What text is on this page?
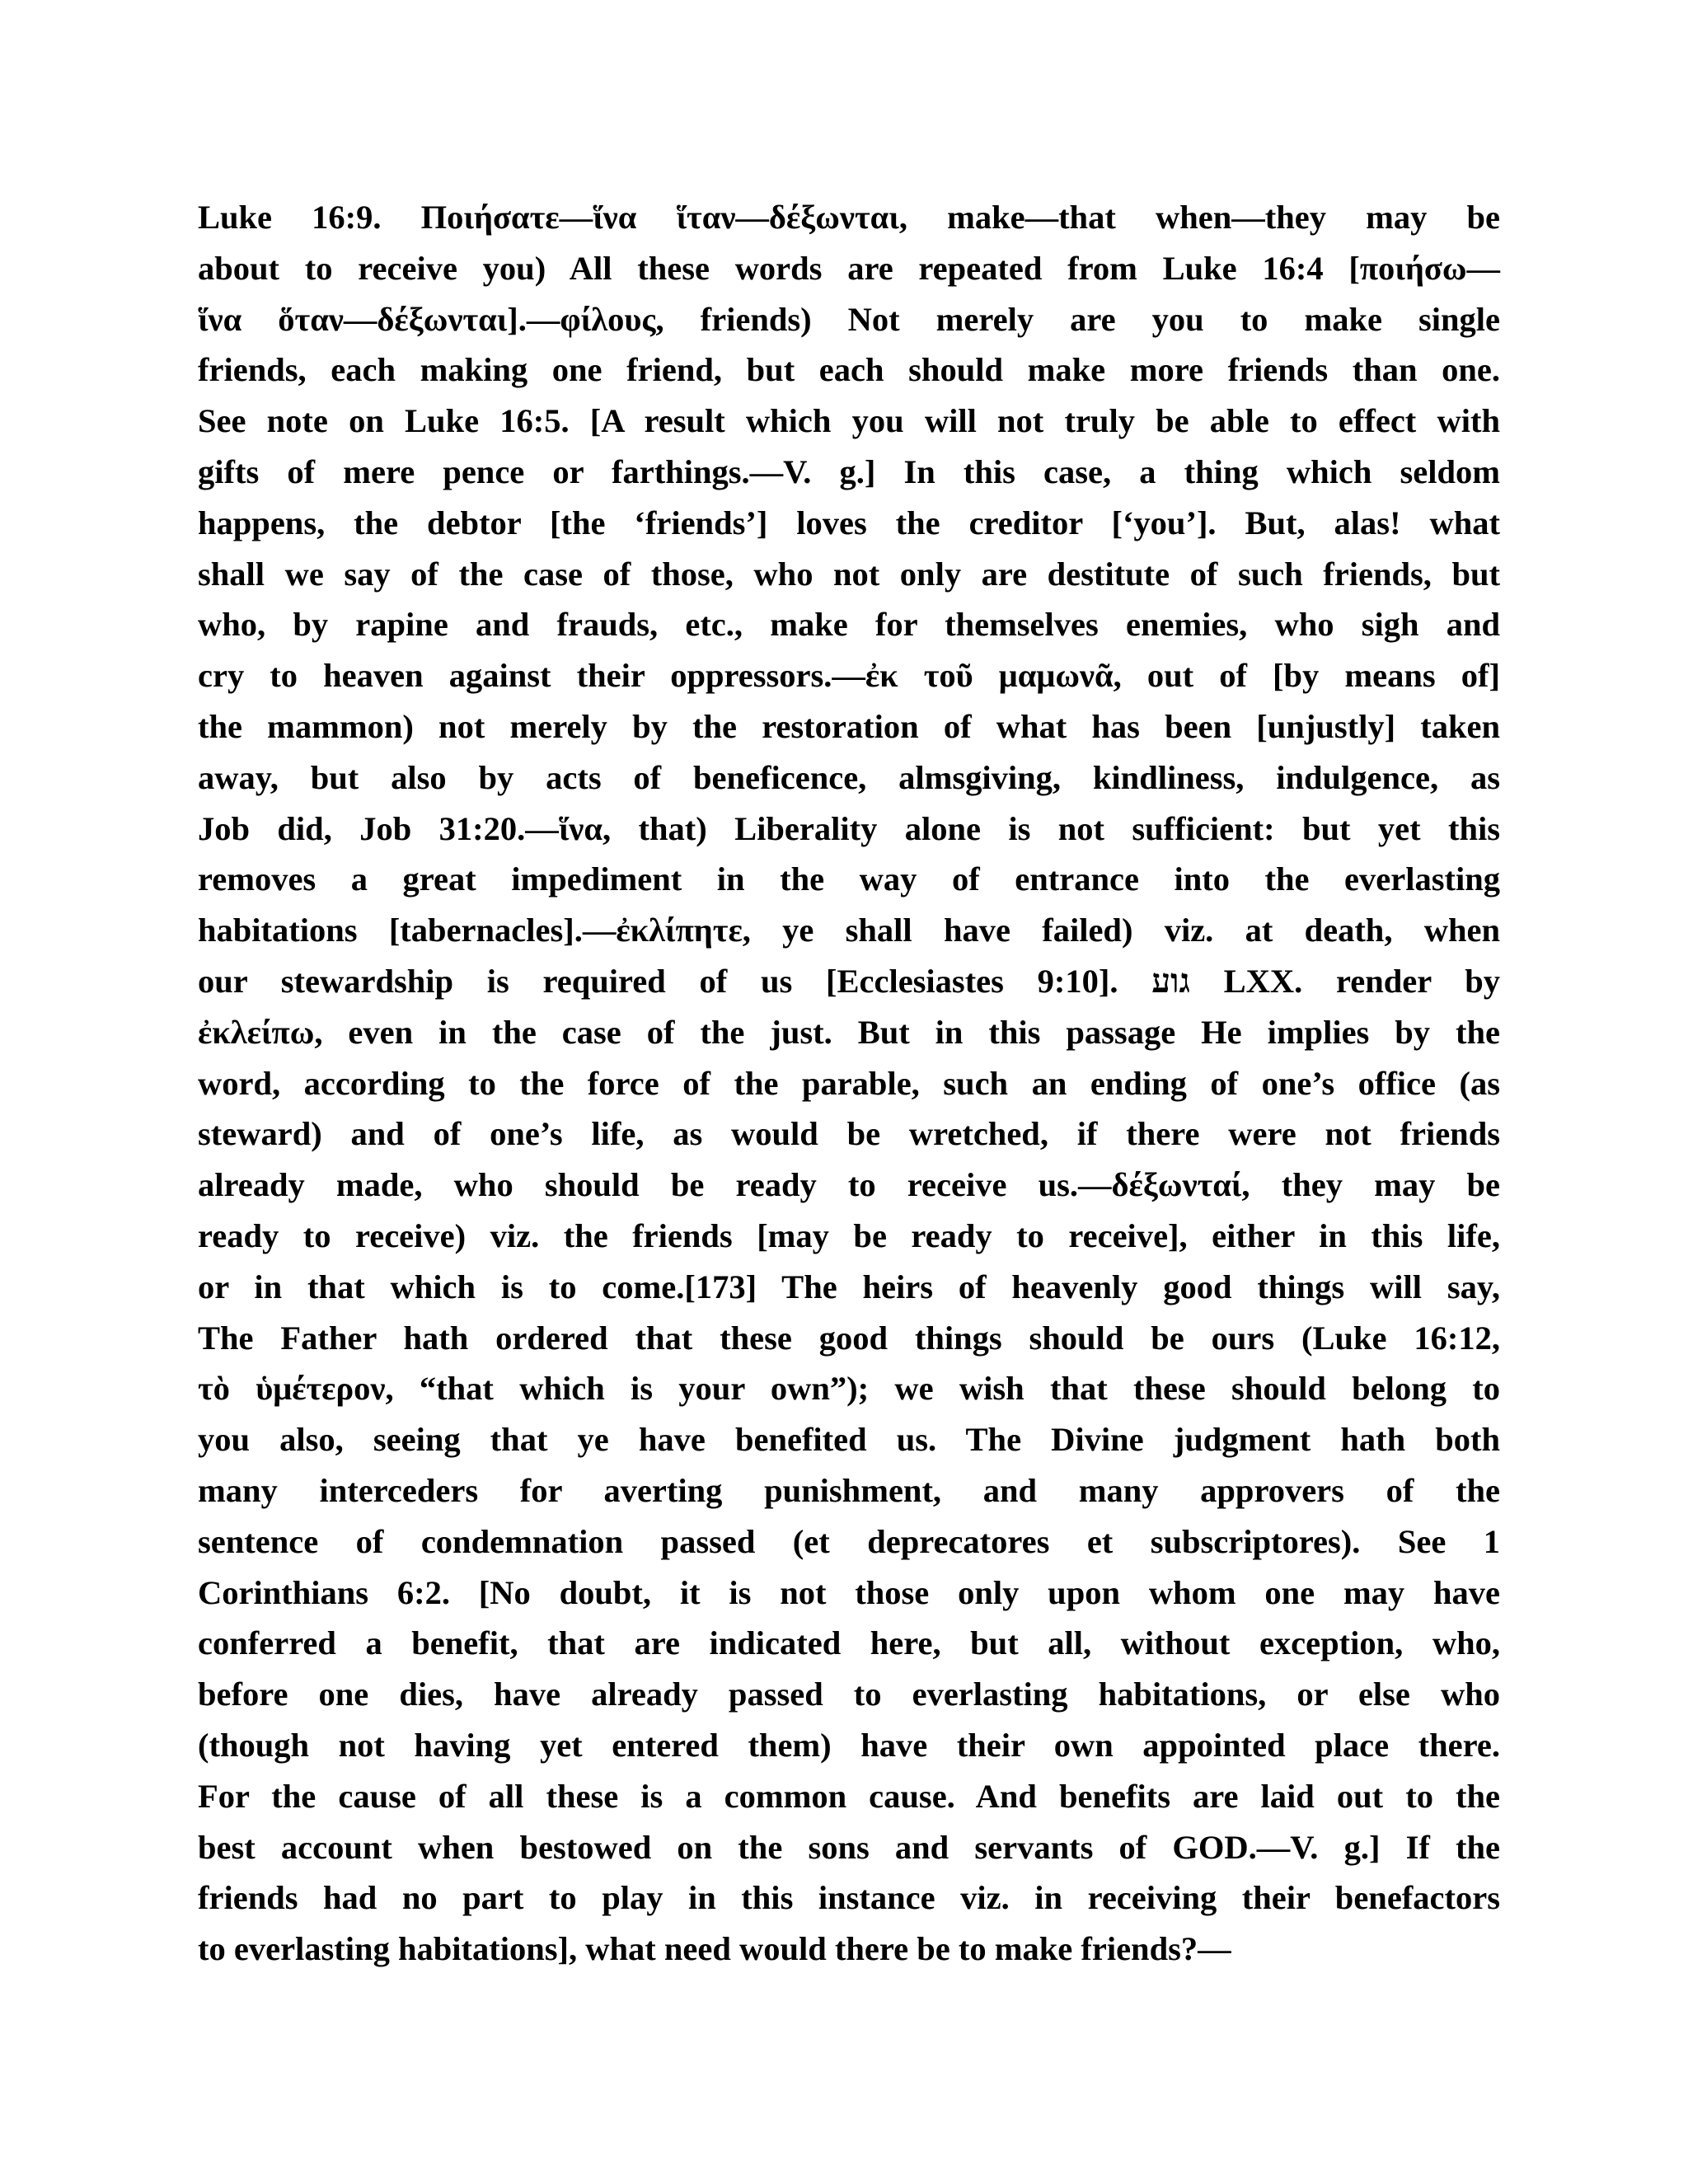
Luke 16:9. Ποιήσατε—ἵνα ἵταν—δέξωνται, make—that when—they may be
about to receive you) All these words are repeated from Luke 16:4 [ποιήσω—
ἵνα ὅταν—δέξωνται].—φίλους, friends) Not merely are you to make single
friends, each making one friend, but each should make more friends than one.
See note on Luke 16:5. [A result which you will not truly be able to effect with
gifts of mere pence or farthings.—V. g.] In this case, a thing which seldom
happens, the debtor [the ‘friends’] loves the creditor [‘you’]. But, alas! what
shall we say of the case of those, who not only are destitute of such friends, but
who, by rapine and frauds, etc., make for themselves enemies, who sigh and
cry to heaven against their oppressors.—ἐκ τοῦ μαμωνᾶ, out of [by means of]
the mammon) not merely by the restoration of what has been [unjustly] taken
away, but also by acts of beneficence, almsgiving, kindliness, indulgence, as
Job did, Job 31:20.—ἵνα, that) Liberality alone is not sufficient: but yet this
removes a great impediment in the way of entrance into the everlasting
habitations [tabernacles].—ἐκλίπητε, ye shall have failed) viz. at death, when
our stewardship is required of us [Ecclesiastes 9:10]. גוע LXX. render by
ἐκλείπω, even in the case of the just. But in this passage He implies by the
word, according to the force of the parable, such an ending of one’s office (as
steward) and of one’s life, as would be wretched, if there were not friends
already made, who should be ready to receive us.—δέξωνταί, they may be
ready to receive) viz. the friends [may be ready to receive], either in this life,
or in that which is to come.[173] The heirs of heavenly good things will say,
The Father hath ordered that these good things should be ours (Luke 16:12,
τὸ ὑμέτερον, “that which is your own”); we wish that these should belong to
you also, seeing that ye have benefited us. The Divine judgment hath both
many interceders for averting punishment, and many approvers of the
sentence of condemnation passed (et deprecatores et subscriptores). See 1
Corinthians 6:2. [No doubt, it is not those only upon whom one may have
conferred a benefit, that are indicated here, but all, without exception, who,
before one dies, have already passed to everlasting habitations, or else who
(though not having yet entered them) have their own appointed place there.
For the cause of all these is a common cause. And benefits are laid out to the
best account when bestowed on the sons and servants of GOD.—V. g.] If the
friends had no part to play in this instance viz. in receiving their benefactors
to everlasting habitations], what need would there be to make friends?—
